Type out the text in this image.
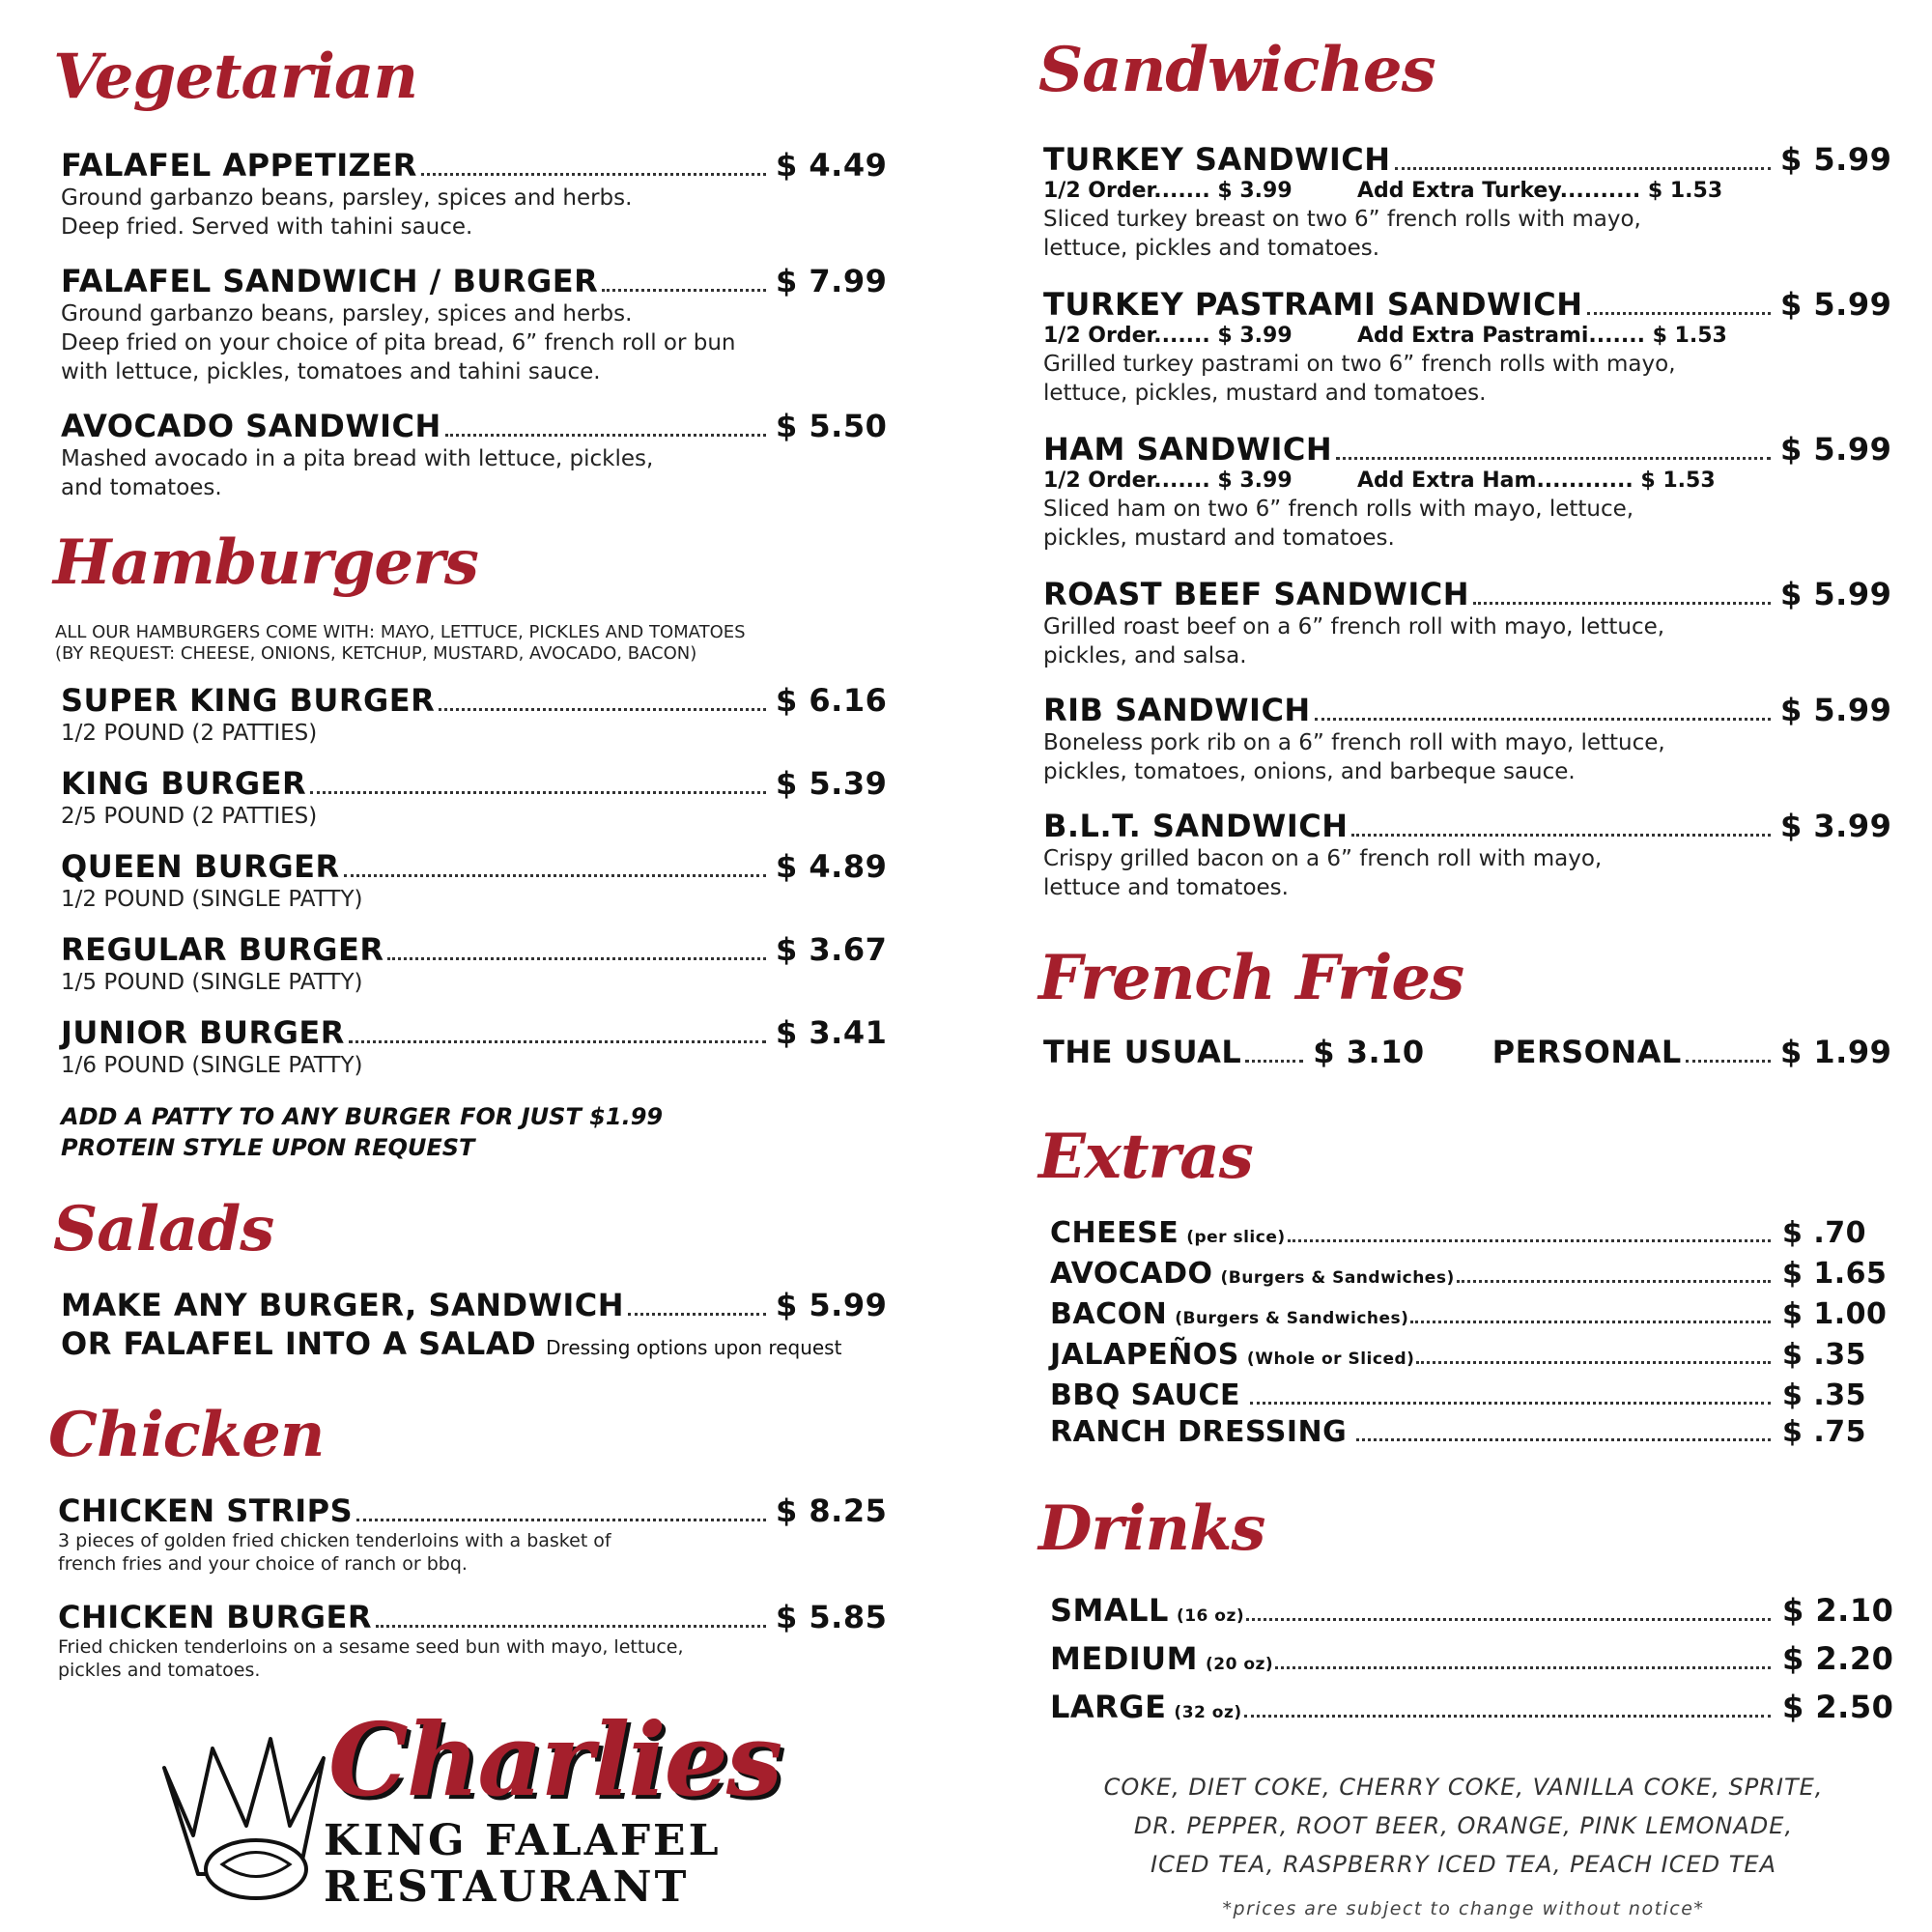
Vegetarian
FALAFEL APPETIZER	$ 4.49
Ground garbanzo beans, parsley, spices and herbs.
Deep fried. Served with tahini sauce.
FALAFEL SANDWICH / BURGER	$ 7.99
Ground garbanzo beans, parsley, spices and herbs.
Deep fried on your choice of pita bread, 6” french roll or bun
with lettuce, pickles, tomatoes and tahini sauce.
AVOCADO SANDWICH	$ 5.50
Mashed avocado in a pita bread with lettuce, pickles,
and tomatoes.
Hamburgers
ALL OUR HAMBURGERS COME WITH: MAYO, LETTUCE, PICKLES AND TOMATOES
(BY REQUEST: CHEESE, ONIONS, KETCHUP, MUSTARD, AVOCADO, BACON)
SUPER KING BURGER	$ 6.16
1/2 POUND (2 PATTIES)
KING BURGER	$ 5.39
2/5 POUND (2 PATTIES)
QUEEN BURGER	$ 4.89
1/2 POUND (SINGLE PATTY)
REGULAR BURGER	$ 3.67
1/5 POUND (SINGLE PATTY)
JUNIOR BURGER	$ 3.41
1/6 POUND (SINGLE PATTY)
ADD A PATTY TO ANY BURGER FOR JUST $1.99
PROTEIN STYLE UPON REQUEST
Salads
MAKE ANY BURGER, SANDWICH	$ 5.99
OR FALAFEL INTO A SALAD Dressing options upon request
Chicken
CHICKEN STRIPS	$ 8.25
3 pieces of golden fried chicken tenderloins with a basket of
french fries and your choice of ranch or bbq.
CHICKEN BURGER	$ 5.85
Fried chicken tenderloins on a sesame seed bun with mayo, lettuce,
pickles and tomatoes.
Charlies
KING FALAFEL
RESTAURANT
Sandwiches
TURKEY SANDWICH	$ 5.99
1/2 Order....... $ 3.99	Add Extra Turkey.......... $ 1.53
Sliced turkey breast on two 6” french rolls with mayo,
lettuce, pickles and tomatoes.
TURKEY PASTRAMI SANDWICH	$ 5.99
1/2 Order....... $ 3.99	Add Extra Pastrami....... $ 1.53
Grilled turkey pastrami on two 6” french rolls with mayo,
lettuce, pickles, mustard and tomatoes.
HAM SANDWICH	$ 5.99
1/2 Order....... $ 3.99	Add Extra Ham............ $ 1.53
Sliced ham on two 6” french rolls with mayo, lettuce,
pickles, mustard and tomatoes.
ROAST BEEF SANDWICH	$ 5.99
Grilled roast beef on a 6” french roll with mayo, lettuce,
pickles, and salsa.
RIB SANDWICH	$ 5.99
Boneless pork rib on a 6” french roll with mayo, lettuce,
pickles, tomatoes, onions, and barbeque sauce.
B.L.T. SANDWICH	$ 3.99
Crispy grilled bacon on a 6” french roll with mayo,
lettuce and tomatoes.
French Fries
THE USUAL $ 3.10 PERSONAL	$ 1.99
Extras
CHEESE (per slice)	$ .70
AVOCADO (Burgers & Sandwiches)	$ 1.65
BACON (Burgers & Sandwiches)	$ 1.00
JALAPEÑOS (Whole or Sliced)	$ .35
BBQ SAUCE	$ .35
RANCH DRESSING	$ .75
Drinks
SMALL (16 oz)	$ 2.10
MEDIUM (20 oz)	$ 2.20
LARGE (32 oz)	$ 2.50
COKE, DIET COKE, CHERRY COKE, VANILLA COKE, SPRITE,
DR. PEPPER, ROOT BEER, ORANGE, PINK LEMONADE,
ICED TEA, RASPBERRY ICED TEA, PEACH ICED TEA
*prices are subject to change without notice*
